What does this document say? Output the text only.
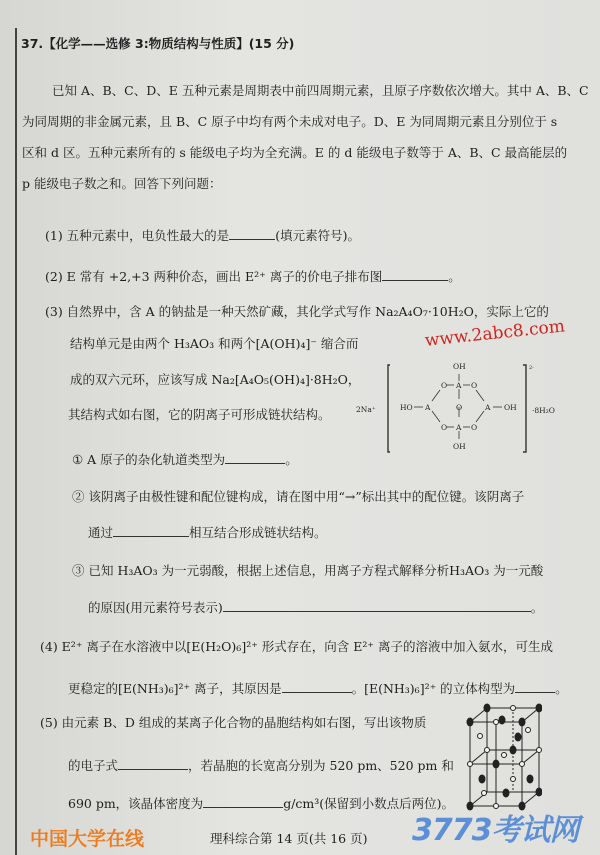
37.【化学——选修 3:物质结构与性质】(15 分)
已知 A、B、C、D、E 五种元素是周期表中前四周期元素，且原子序数依次增大。其中 A、B、C
为同周期的非金属元素，且 B、C 原子中均有两个未成对电子。D、E 为同周期元素且分别位于 s
区和 d 区。五种元素所有的 s 能级电子均为全充满。E 的 d 能级电子数等于 A、B、C 最高能层的
p 能级电子数之和。回答下列问题：
(1) 五种元素中，电负性最大的是	(填元素符号)。
(2) E 常有 +2,+3 两种价态，画出 E²⁺ 离子的价电子排布图	。
(3) 自然界中，含 A 的钠盐是一种天然矿藏，其化学式写作 Na₂A₄O₇·10H₂O，实际上它的
结构单元是由两个 H₃AO₃ 和两个[A(OH)₄]⁻ 缩合而
成的双六元环，应该写成 Na₂[A₄O₅(OH)₄]·8H₂O，
其结构式如右图，它的阴离子可形成链状结构。	2Na⁺
2-
·8H₂O
OH
O A O
HO A	O	A OH
O A O
OH
① A 原子的杂化轨道类型为	。
② 该阴离子由极性键和配位键构成，请在图中用“→”标出其中的配位键。该阴离子
通过	相互结合形成链状结构。
③ 已知 H₃AO₃ 为一元弱酸，根据上述信息，用离子方程式解释分析H₃AO₃ 为一元酸
的原因(用元素符号表示)	。
(4) E²⁺ 离子在水溶液中以[E(H₂O)₆]²⁺ 形式存在，向含 E²⁺ 离子的溶液中加入氨水，可生成
更稳定的[E(NH₃)₆]²⁺ 离子，其原因是	。[E(NH₃)₆]²⁺ 的立体构型为	。
(5) 由元素 B、D 组成的某离子化合物的晶胞结构如右图，写出该物质
的电子式	，若晶胞的长宽高分别为 520 pm、520 pm 和
690 pm，该晶体密度为	g/cm³(保留到小数点后两位)。
www.2abc8.com
3773考试网
中国大学在线	理科综合第 14 页(共 16 页)
